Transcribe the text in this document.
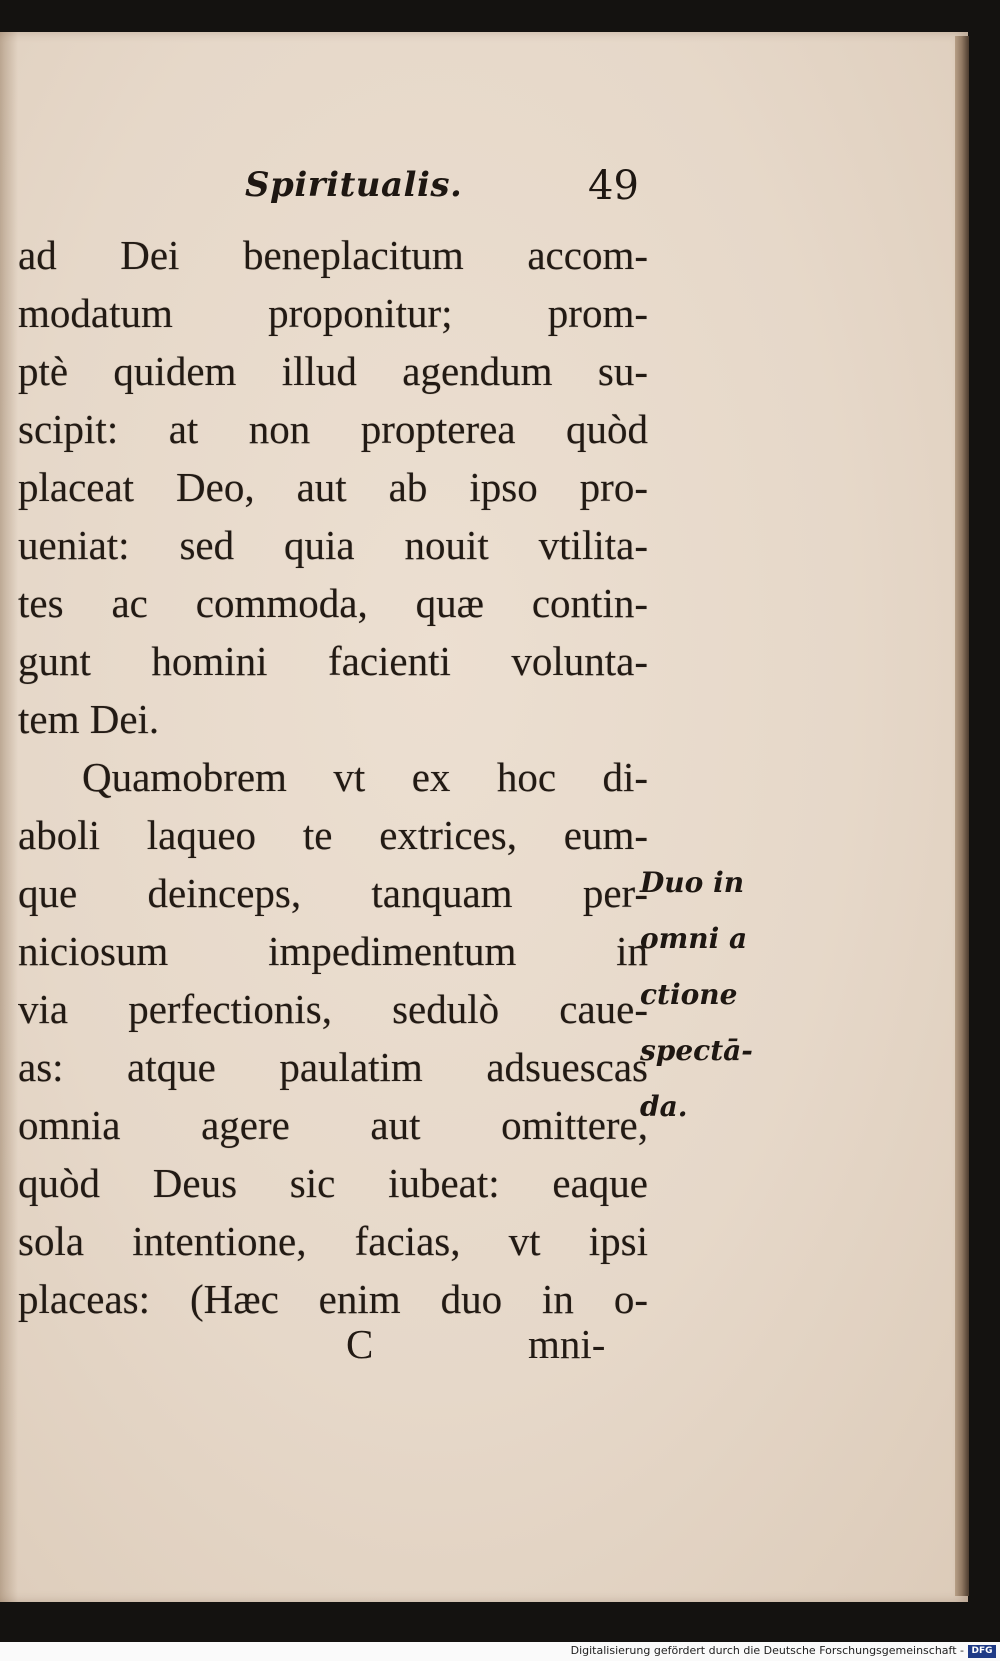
Spiritualis.	49
ad Dei beneplacitum accom-
modatum proponitur; prom-
ptè quidem illud agendum su-
scipit: at non propterea quòd
placeat Deo, aut ab ipso pro-
ueniat: sed quia nouit vtilita-
tes ac commoda, quæ contin-
gunt homini facienti volunta-
tem Dei.
Quamobrem vt ex hoc di-
aboli laqueo te extrices, eum-
que deinceps, tanquam per-
niciosum impedimentum in
via perfectionis, sedulò caue-
as: atque paulatim adsuescas
omnia agere aut omittere,
quòd Deus sic iubeat: eaque
sola intentione, facias, vt ipsi
placeas: (Hæc enim duo in o-
Duo in
omni a
ctione
spectā-
da.
C	mni-
Digitalisierung gefördert durch die Deutsche Forschungsgemeinschaft - DFG
